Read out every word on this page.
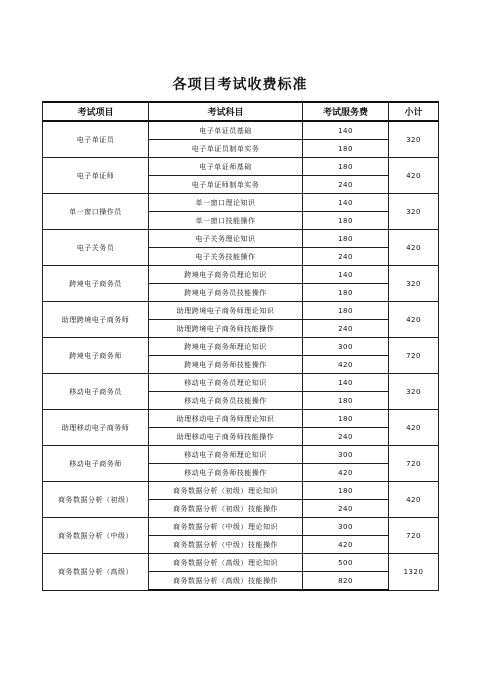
各项目考试收费标准
考试项目	考试科目	考试服务费	小计
电子单证员	电子单证员基础	140	320
	电子单证员制单实务	180	
电子单证师	电子单证师基础	180	420
	电子单证师制单实务	240	
单一窗口操作员	单一窗口理论知识	140	320
	单一窗口技能操作	180	
电子关务员	电子关务理论知识	180	420
	电子关务技能操作	240	
跨境电子商务员	跨境电子商务员理论知识	140	320
	跨境电子商务员技能操作	180	
助理跨境电子商务师	助理跨境电子商务师理论知识	180	420
	助理跨境电子商务师技能操作	240	
跨境电子商务师	跨境电子商务师理论知识	300	720
	跨境电子商务师技能操作	420	
移动电子商务员	移动电子商务员理论知识	140	320
	移动电子商务员技能操作	180	
助理移动电子商务师	助理移动电子商务师理论知识	180	420
	助理移动电子商务师技能操作	240	
移动电子商务师	移动电子商务师理论知识	300	720
	移动电子商务师技能操作	420	
商务数据分析（初级）	商务数据分析（初级）理论知识	180	420
	商务数据分析（初级）技能操作	240	
商务数据分析（中级）	商务数据分析（中级）理论知识	300	720
	商务数据分析（中级）技能操作	420	
商务数据分析（高级）	商务数据分析（高级）理论知识	500	1320
	商务数据分析（高级）技能操作	820	
